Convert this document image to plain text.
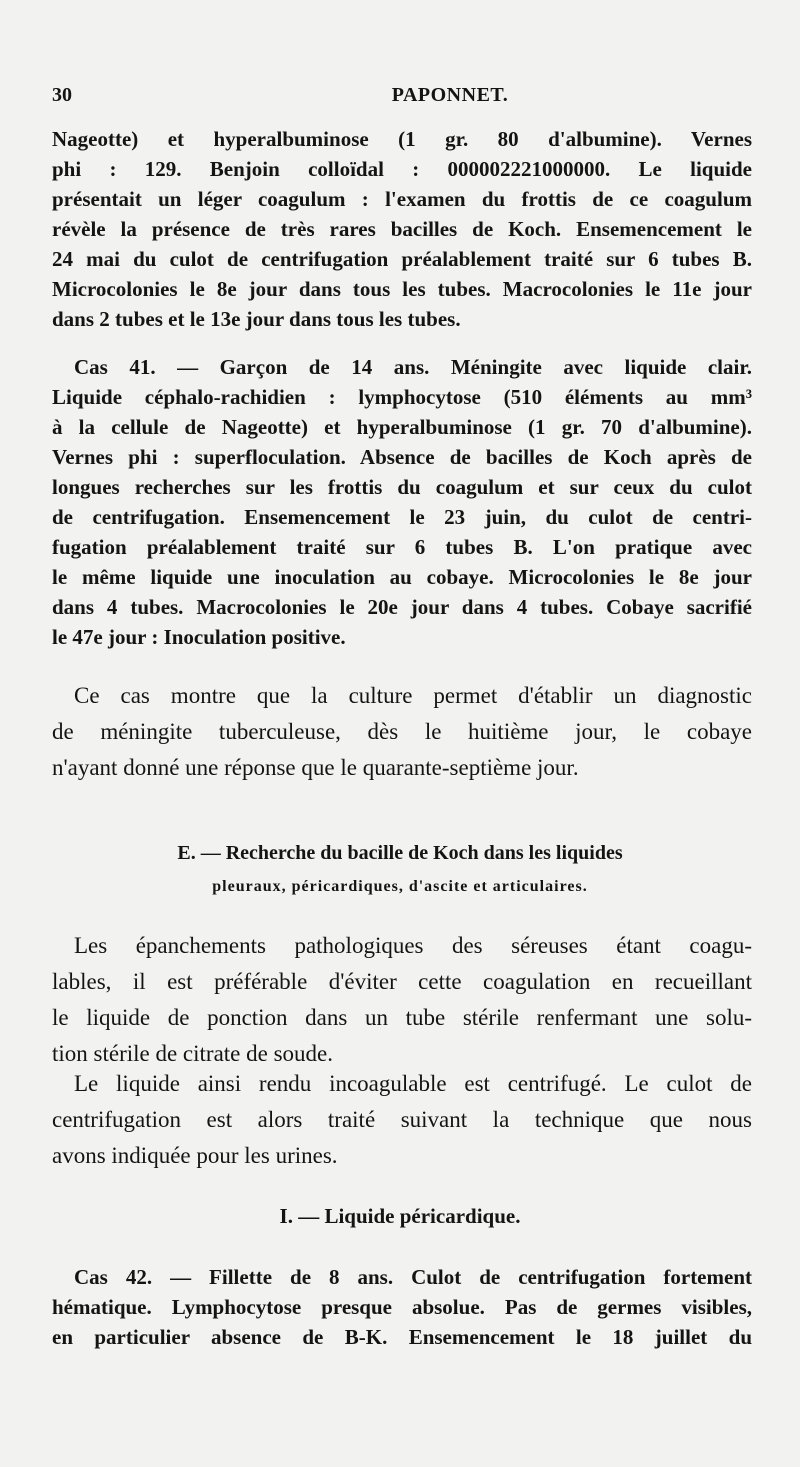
30	PAPONNET.
Nageotte) et hyperalbuminose (1 gr. 80 d'albumine). Vernes
phi : 129. Benjoin colloïdal : 000002221000000. Le liquide
présentait un léger coagulum : l'examen du frottis de ce coagulum
révèle la présence de très rares bacilles de Koch. Ensemencement le
24 mai du culot de centrifugation préalablement traité sur 6 tubes B.
Microcolonies le 8e jour dans tous les tubes. Macrocolonies le 11e jour
dans 2 tubes et le 13e jour dans tous les tubes.
Cas 41. — Garçon de 14 ans. Méningite avec liquide clair.
Liquide céphalo-rachidien : lymphocytose (510 éléments au mm³
à la cellule de Nageotte) et hyperalbuminose (1 gr. 70 d'albumine).
Vernes phi : superfloculation. Absence de bacilles de Koch après de
longues recherches sur les frottis du coagulum et sur ceux du culot
de centrifugation. Ensemencement le 23 juin, du culot de centri-
fugation préalablement traité sur 6 tubes B. L'on pratique avec
le même liquide une inoculation au cobaye. Microcolonies le 8e jour
dans 4 tubes. Macrocolonies le 20e jour dans 4 tubes. Cobaye sacrifié
le 47e jour : Inoculation positive.
Ce cas montre que la culture permet d'établir un diagnostic
de méningite tuberculeuse, dès le huitième jour, le cobaye
n'ayant donné une réponse que le quarante-septième jour.
E. — Recherche du bacille de Koch dans les liquides
pleuraux, péricardiques, d'ascite et articulaires.
Les épanchements pathologiques des séreuses étant coagu-
lables, il est préférable d'éviter cette coagulation en recueillant
le liquide de ponction dans un tube stérile renfermant une solu-
tion stérile de citrate de soude.
Le liquide ainsi rendu incoagulable est centrifugé. Le culot de
centrifugation est alors traité suivant la technique que nous
avons indiquée pour les urines.
I. — Liquide péricardique.
Cas 42. — Fillette de 8 ans. Culot de centrifugation fortement
hématique. Lymphocytose presque absolue. Pas de germes visibles,
en particulier absence de B-K. Ensemencement le 18 juillet du
